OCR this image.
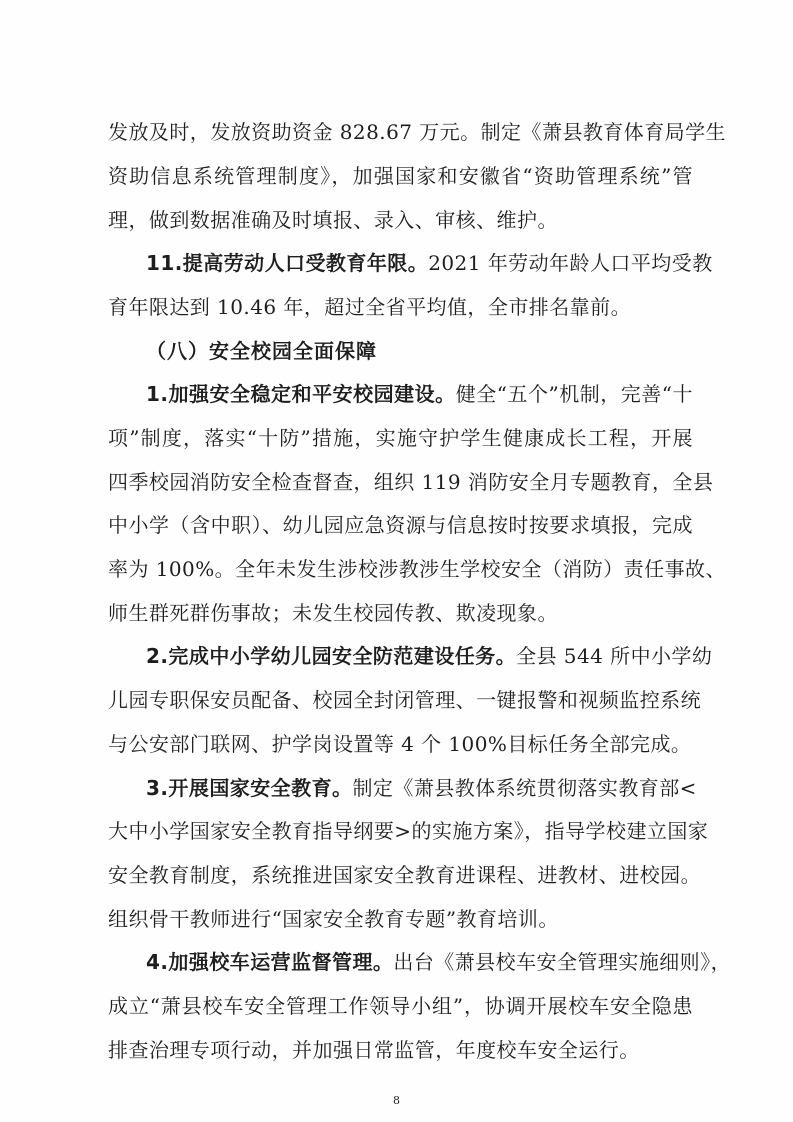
发放及时，发放资助资金 828.67 万元。制定《萧县教育体育局学生
资助信息系统管理制度》，加强国家和安徽省“资助管理系统”管
理，做到数据准确及时填报、录入、审核、维护。
11.提高劳动人口受教育年限。2021 年劳动年龄人口平均受教
育年限达到 10.46 年，超过全省平均值，全市排名靠前。
（八）安全校园全面保障
1.加强安全稳定和平安校园建设。健全“五个”机制，完善“十
项”制度，落实“十防”措施，实施守护学生健康成长工程，开展
四季校园消防安全检查督查，组织 119 消防安全月专题教育，全县
中小学（含中职）、幼儿园应急资源与信息按时按要求填报，完成
率为 100%。全年未发生涉校涉教涉生学校安全（消防）责任事故、
师生群死群伤事故；未发生校园传教、欺凌现象。
2.完成中小学幼儿园安全防范建设任务。全县 544 所中小学幼
儿园专职保安员配备、校园全封闭管理、一键报警和视频监控系统
与公安部门联网、护学岗设置等 4 个 100%目标任务全部完成。
3.开展国家安全教育。制定《萧县教体系统贯彻落实教育部<
大中小学国家安全教育指导纲要>的实施方案》，指导学校建立国家
安全教育制度，系统推进国家安全教育进课程、进教材、进校园。
组织骨干教师进行“国家安全教育专题”教育培训。
4.加强校车运营监督管理。出台《萧县校车安全管理实施细则》，
成立“萧县校车安全管理工作领导小组”，协调开展校车安全隐患
排查治理专项行动，并加强日常监管，年度校车安全运行。
8
